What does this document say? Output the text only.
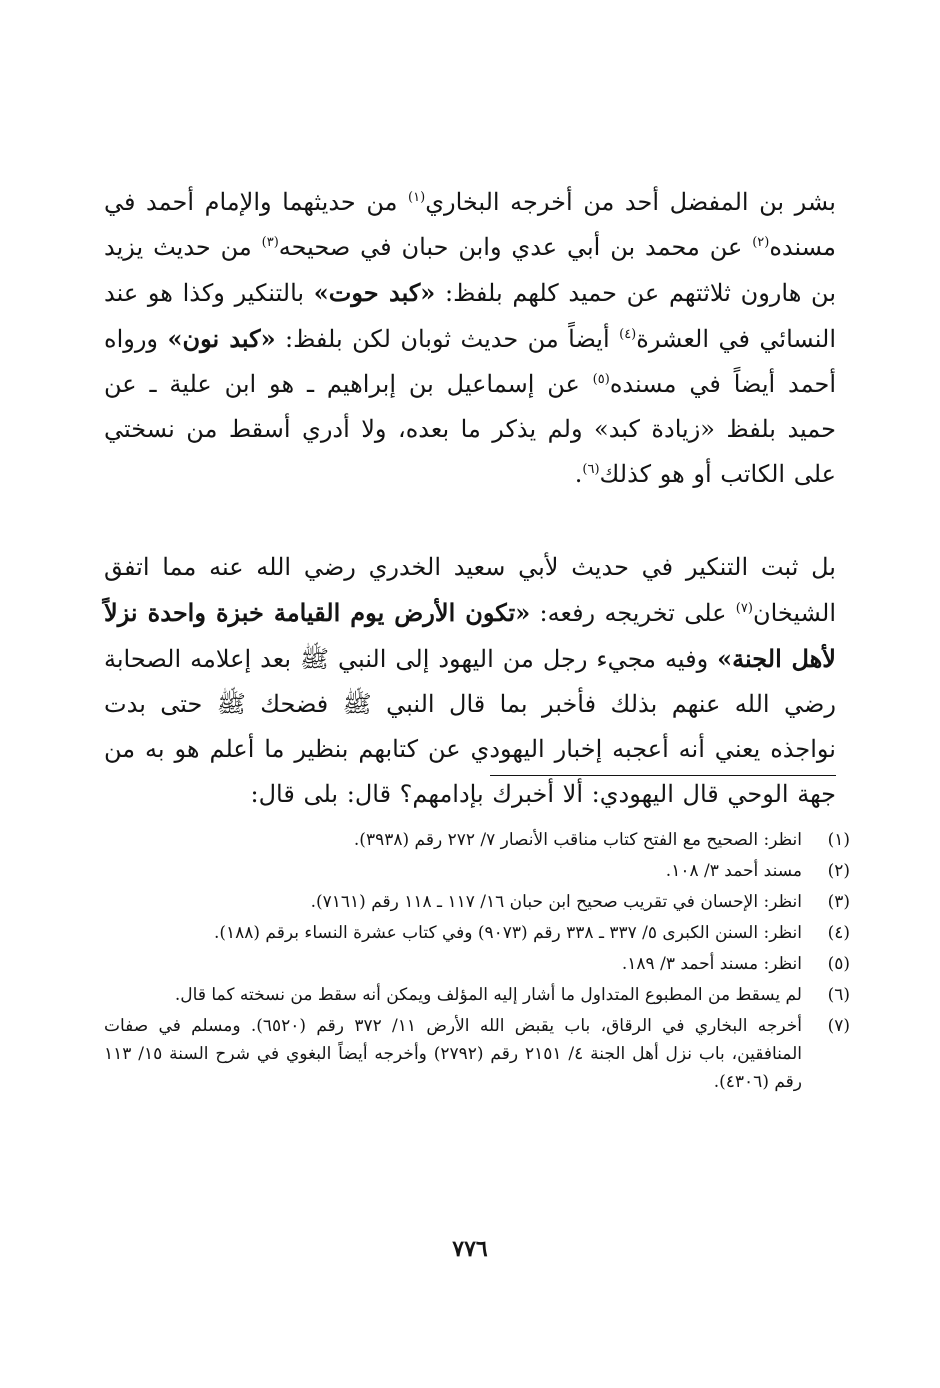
بشر بن المفضل أحد من أخرجه البخاري$^{(١)}$ من حديثهما والإمام أحمد في مسنده$^{(٢)}$ عن محمد بن أبي عدي وابن حبان في صحيحه$^{(٣)}$ من حديث يزيد بن هارون ثلاثتهم عن حميد كلهم بلفظ: «كبد حوت» بالتنكير وكذا هو عند النسائي في العشرة$^{(٤)}$ أيضاً من حديث ثوبان لكن بلفظ: «كبد نون» ورواه أحمد أيضاً في مسنده$^{(٥)}$ عن إسماعيل بن إبراهيم ـ هو ابن علية ـ عن حميد بلفظ «زيادة كبد» ولم يذكر ما بعده، ولا أدري أسقط من نسختي على الكاتب أو هو كذلك$^{(٦)}$.

بل ثبت التنكير في حديث لأبي سعيد الخدري رضي الله عنه مما اتفق الشيخان$^{(٧)}$ على تخريجه رفعه: «تكون الأرض يوم القيامة خبزة واحدة نزلاً لأهل الجنة» وفيه مجيء رجل من اليهود إلى النبي ﷺ بعد إعلامه الصحابة رضي الله عنهم بذلك فأخبر بما قال النبي ﷺ فضحك ﷺ حتى بدت نواجذه يعني أنه أعجبه إخبار اليهودي عن كتابهم بنظير ما أعلم هو به من جهة الوحي قال اليهودي: ألا أخبرك بإدامهم؟ قال: بلى قال:

(١)
انظر: الصحيح مع الفتح كتاب مناقب الأنصار ٧/ ٢٧٢ رقم (٣٩٣٨).
(٢)
مسند أحمد ٣/ ١٠٨.
(٣)
انظر: الإحسان في تقريب صحيح ابن حبان ١٦/ ١١٧ ـ ١١٨ رقم (٧١٦١).
(٤)
انظر: السنن الكبرى ٥/ ٣٣٧ ـ ٣٣٨ رقم (٩٠٧٣) وفي كتاب عشرة النساء برقم (١٨٨).
(٥)
انظر: مسند أحمد ٣/ ١٨٩.
(٦)
لم يسقط من المطبوع المتداول ما أشار إليه المؤلف ويمكن أنه سقط من نسخته كما قال.
(٧)
أخرجه البخاري في الرقاق، باب يقبض الله الأرض ١١/ ٣٧٢ رقم (٦٥٢٠). ومسلم في صفات المنافقين، باب نزل أهل الجنة ٤/ ٢١٥١ رقم (٢٧٩٢) وأخرجه أيضاً البغوي في شرح السنة ١٥/ ١١٣ رقم (٤٣٠٦).
٧٧٦
